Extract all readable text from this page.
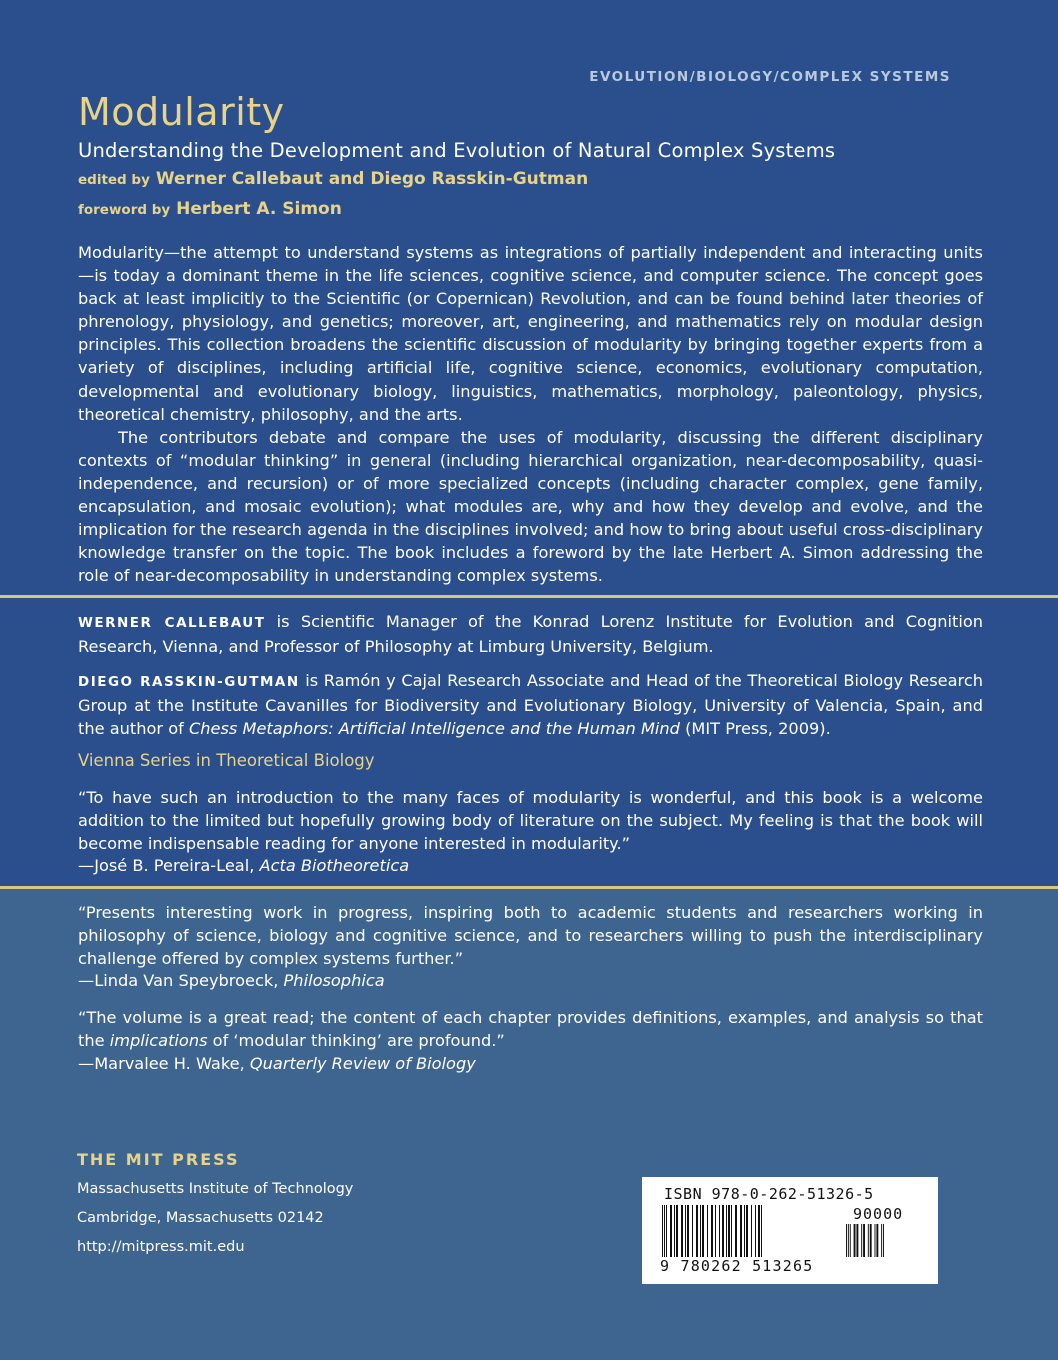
EVOLUTION/BIOLOGY/COMPLEX SYSTEMS
Modularity
Understanding the Development and Evolution of Natural Complex Systems
edited by Werner Callebaut and Diego Rasskin-Gutman
foreword by Herbert A. Simon

Modularity—the attempt to understand systems as integrations of partially independent and interacting units—is today a dominant theme in the life sciences, cognitive science, and computer science. The concept goes back at least implicitly to the Scientific (or Copernican) Revolution, and can be found behind later theories of phrenology, physiology, and genetics; moreover, art, engineering, and mathematics rely on modular design principles. This collection broadens the scientific discussion of modularity by bringing together experts from a variety of disciplines, including artificial life, cognitive science, economics, evolutionary computation, developmental and evolutionary biology, linguistics, mathematics, morphology, paleontology, physics, theoretical chemistry, philosophy, and the arts.

The contributors debate and compare the uses of modularity, discussing the different disciplinary contexts of “modular thinking” in general (including hierarchical organization, near-decomposability, quasi-independence, and recursion) or of more specialized concepts (including character complex, gene family, encapsulation, and mosaic evolution); what modules are, why and how they develop and evolve, and the implication for the research agenda in the disciplines involved; and how to bring about useful cross-disciplinary knowledge transfer on the topic. The book includes a foreword by the late Herbert A. Simon addressing the role of near-decomposability in understanding complex systems.

WERNER CALLEBAUT is Scientific Manager of the Konrad Lorenz Institute for Evolution and Cognition Research, Vienna, and Professor of Philosophy at Limburg University, Belgium.
DIEGO RASSKIN-GUTMAN is Ramón y Cajal Research Associate and Head of the Theoretical Biology Research Group at the Institute Cavanilles for Biodiversity and Evolutionary Biology, University of Valencia, Spain, and the author of Chess Metaphors: Artificial Intelligence and the Human Mind (MIT Press, 2009).
Vienna Series in Theoretical Biology
“To have such an introduction to the many faces of modularity is wonderful, and this book is a welcome addition to the limited but hopefully growing body of literature on the subject. My feeling is that the book will become indispensable reading for anyone interested in modularity.”
—José B. Pereira-Leal, Acta Biotheoretica
“Presents interesting work in progress, inspiring both to academic students and researchers working in philosophy of science, biology and cognitive science, and to researchers willing to push the interdisciplinary challenge offered by complex systems further.”
—Linda Van Speybroeck, Philosophica
“The volume is a great read; the content of each chapter provides definitions, examples, and analysis so that the implications of ‘modular thinking’ are profound.”
—Marvalee H. Wake, Quarterly Review of Biology
THE MIT PRESS
Massachusetts Institute of Technology
Cambridge, Massachusetts 02142
http://mitpress.mit.edu
ISBN 978-0-262-51326-5
90000
9 780262 513265
